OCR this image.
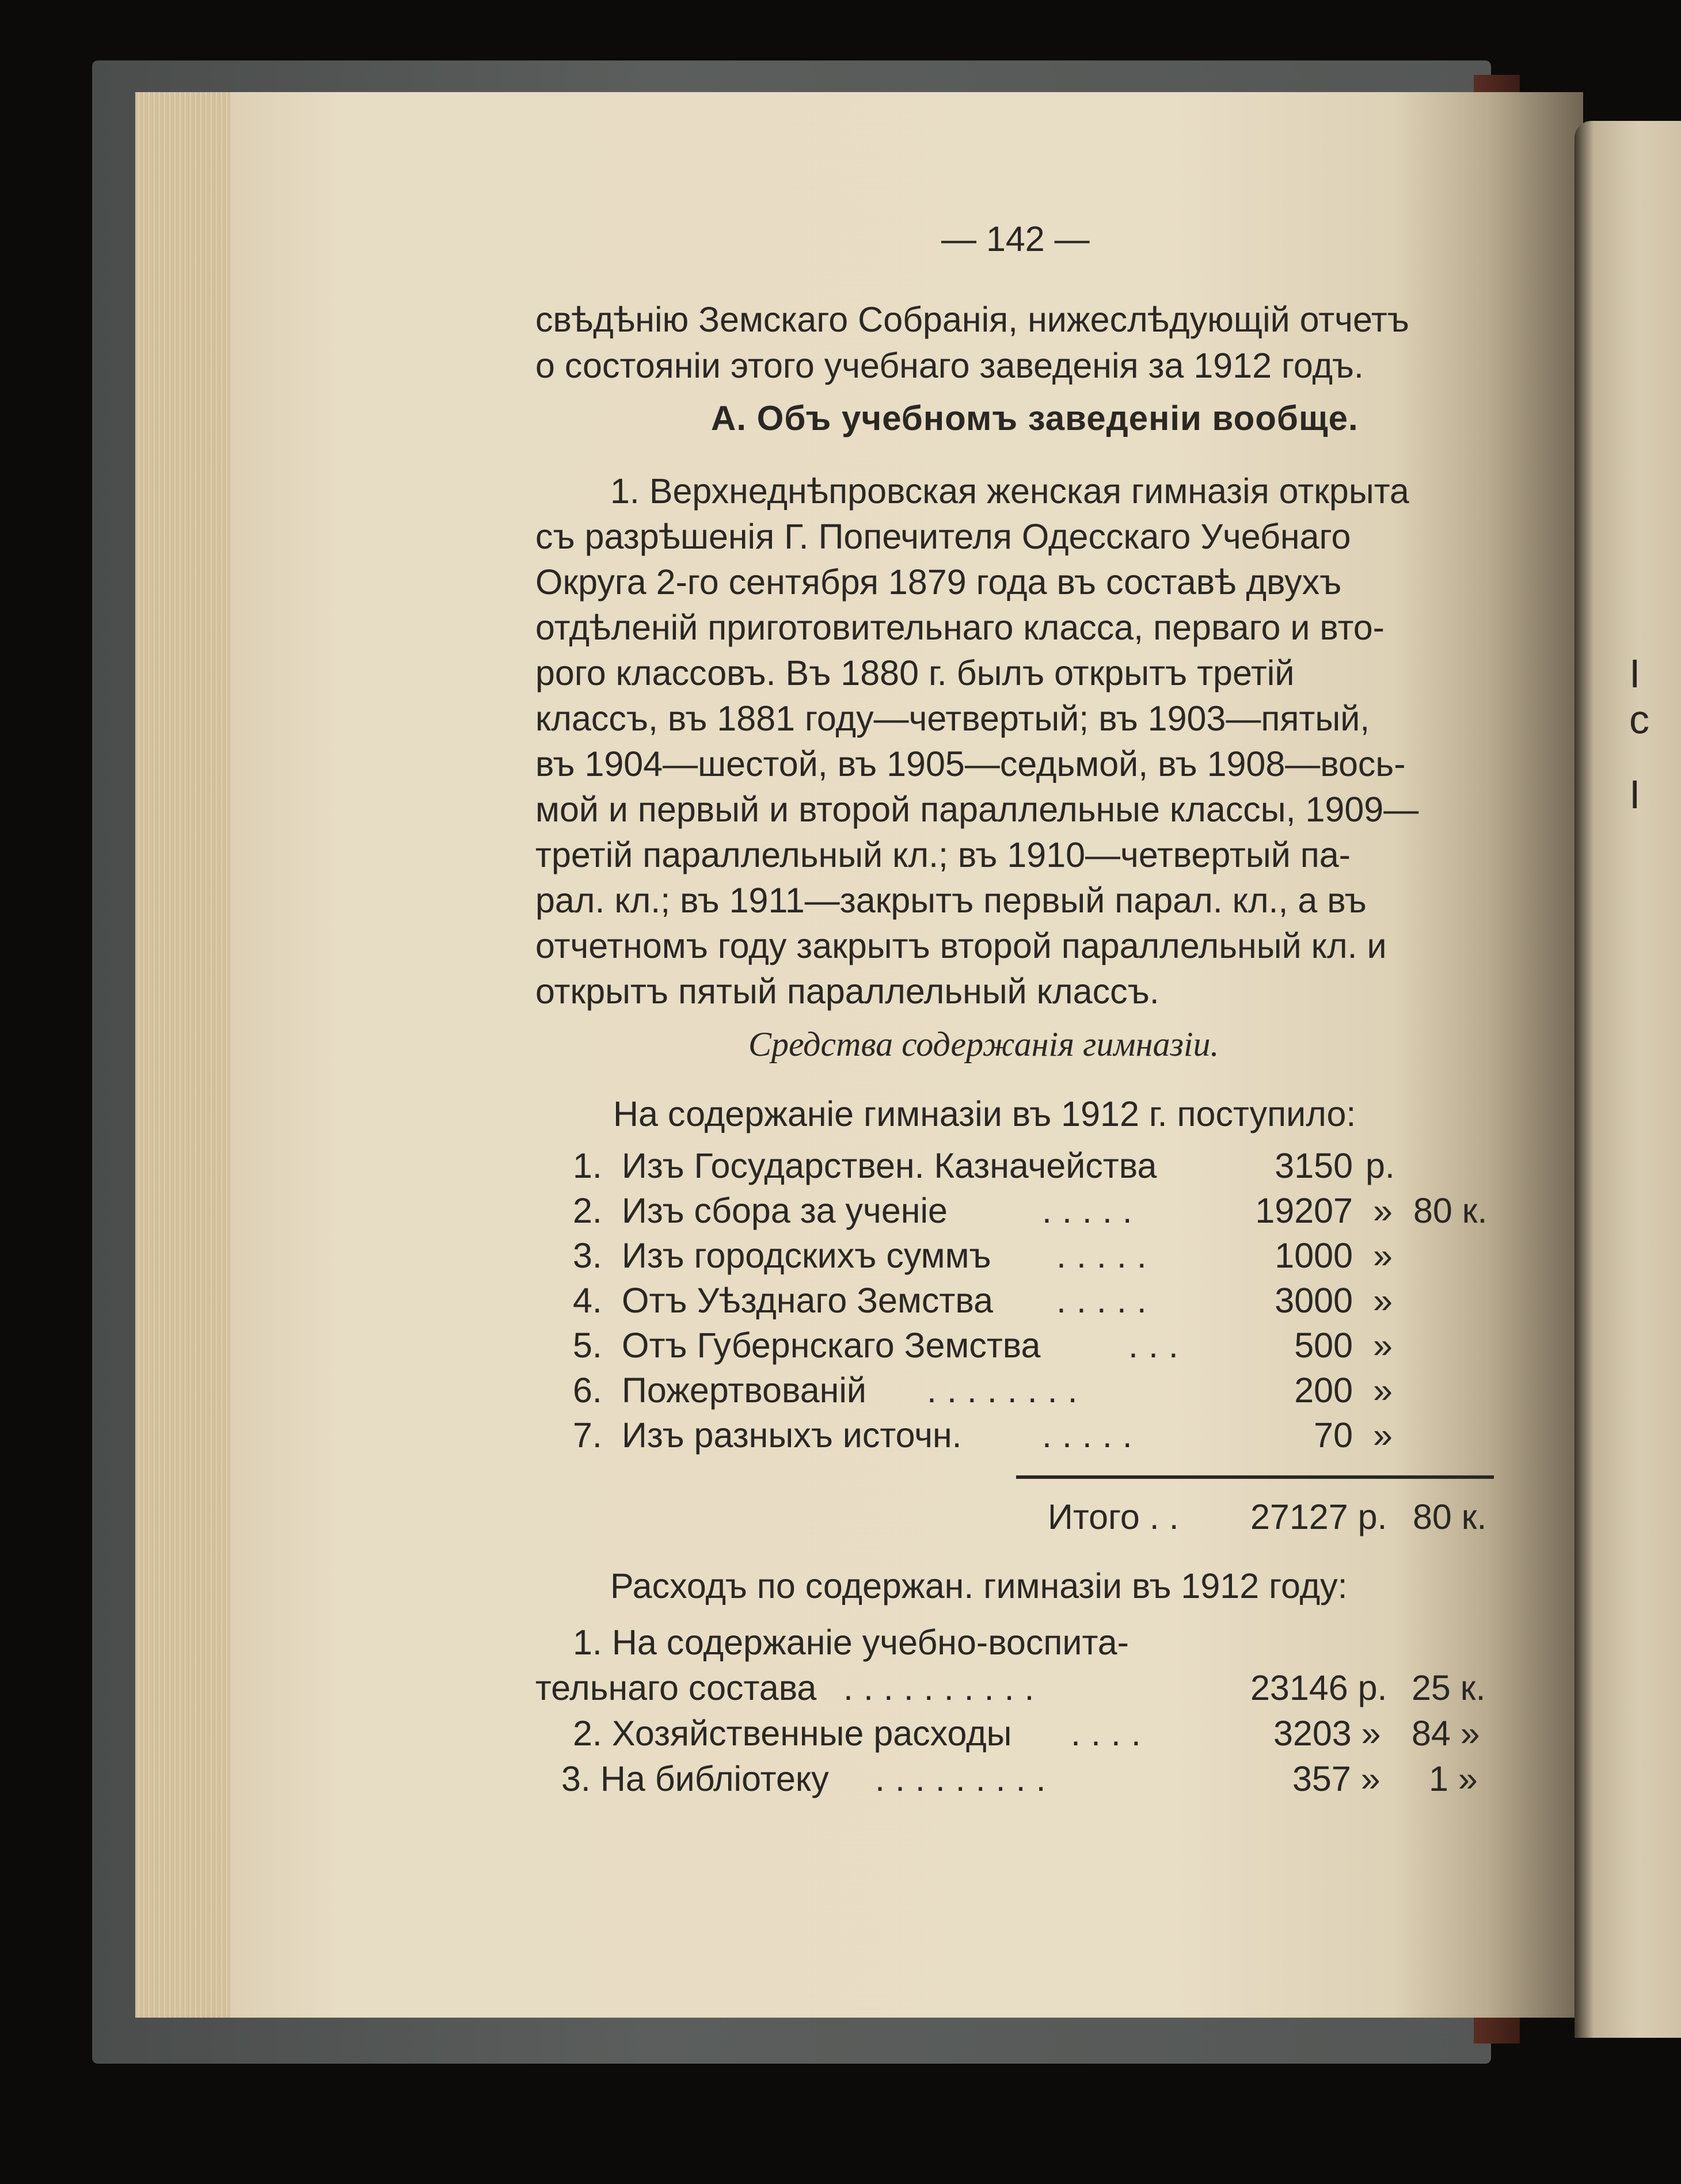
І
с
І
— 142 —
свѣдѣнію Земскаго Собранія, нижеслѣдующій отчетъ
о состояніи этого учебнаго заведенія за 1912 годъ.
А. Объ учебномъ заведеніи вообще.
1. Верхнеднѣпровская женская гимназія открыта
съ разрѣшенія Г. Попечителя Одесскаго Учебнаго
Округа 2-го сентября 1879 года въ составѣ двухъ
отдѣленій приготовительнаго класса, перваго и вто-
рого классовъ. Въ 1880 г. былъ открытъ третій
классъ, въ 1881 году—четвертый; въ 1903—пятый,
въ 1904—шестой, въ 1905—седьмой, въ 1908—вось-
мой и первый и второй параллельные классы, 1909—
третій параллельный кл.; въ 1910—четвертый па-
рал. кл.; въ 1911—закрытъ первый парал. кл., а въ
отчетномъ году закрытъ второй параллельный кл. и
открытъ пятый параллельный классъ.
Средства содержанія гимназіи.
На содержаніе гимназіи въ 1912 г. поступило:
1. Изъ Государствен. Казначейства	3150 р.
2. Изъ сбора за ученіе	.....	19207 » 80 к.
3. Изъ городскихъ суммъ .....	1000 »
4. Отъ Уѣзднаго Земства .....	3000 »
5. Отъ Губернскаго Земства	...	500 »
6. Пожертвованій ........	200 »
7. Изъ разныхъ источн. .....	70 »
Итого . . 27127 р. 80 к.
Расходъ по содержан. гимназіи въ 1912 году:
1. На содержаніе учебно-воспита-
тельнаго состава ..........	23146 р. 25 к.
2. Хозяйственные расходы ....	3203 » 84 »
3. На библіотеку .........	357 » 1 »
